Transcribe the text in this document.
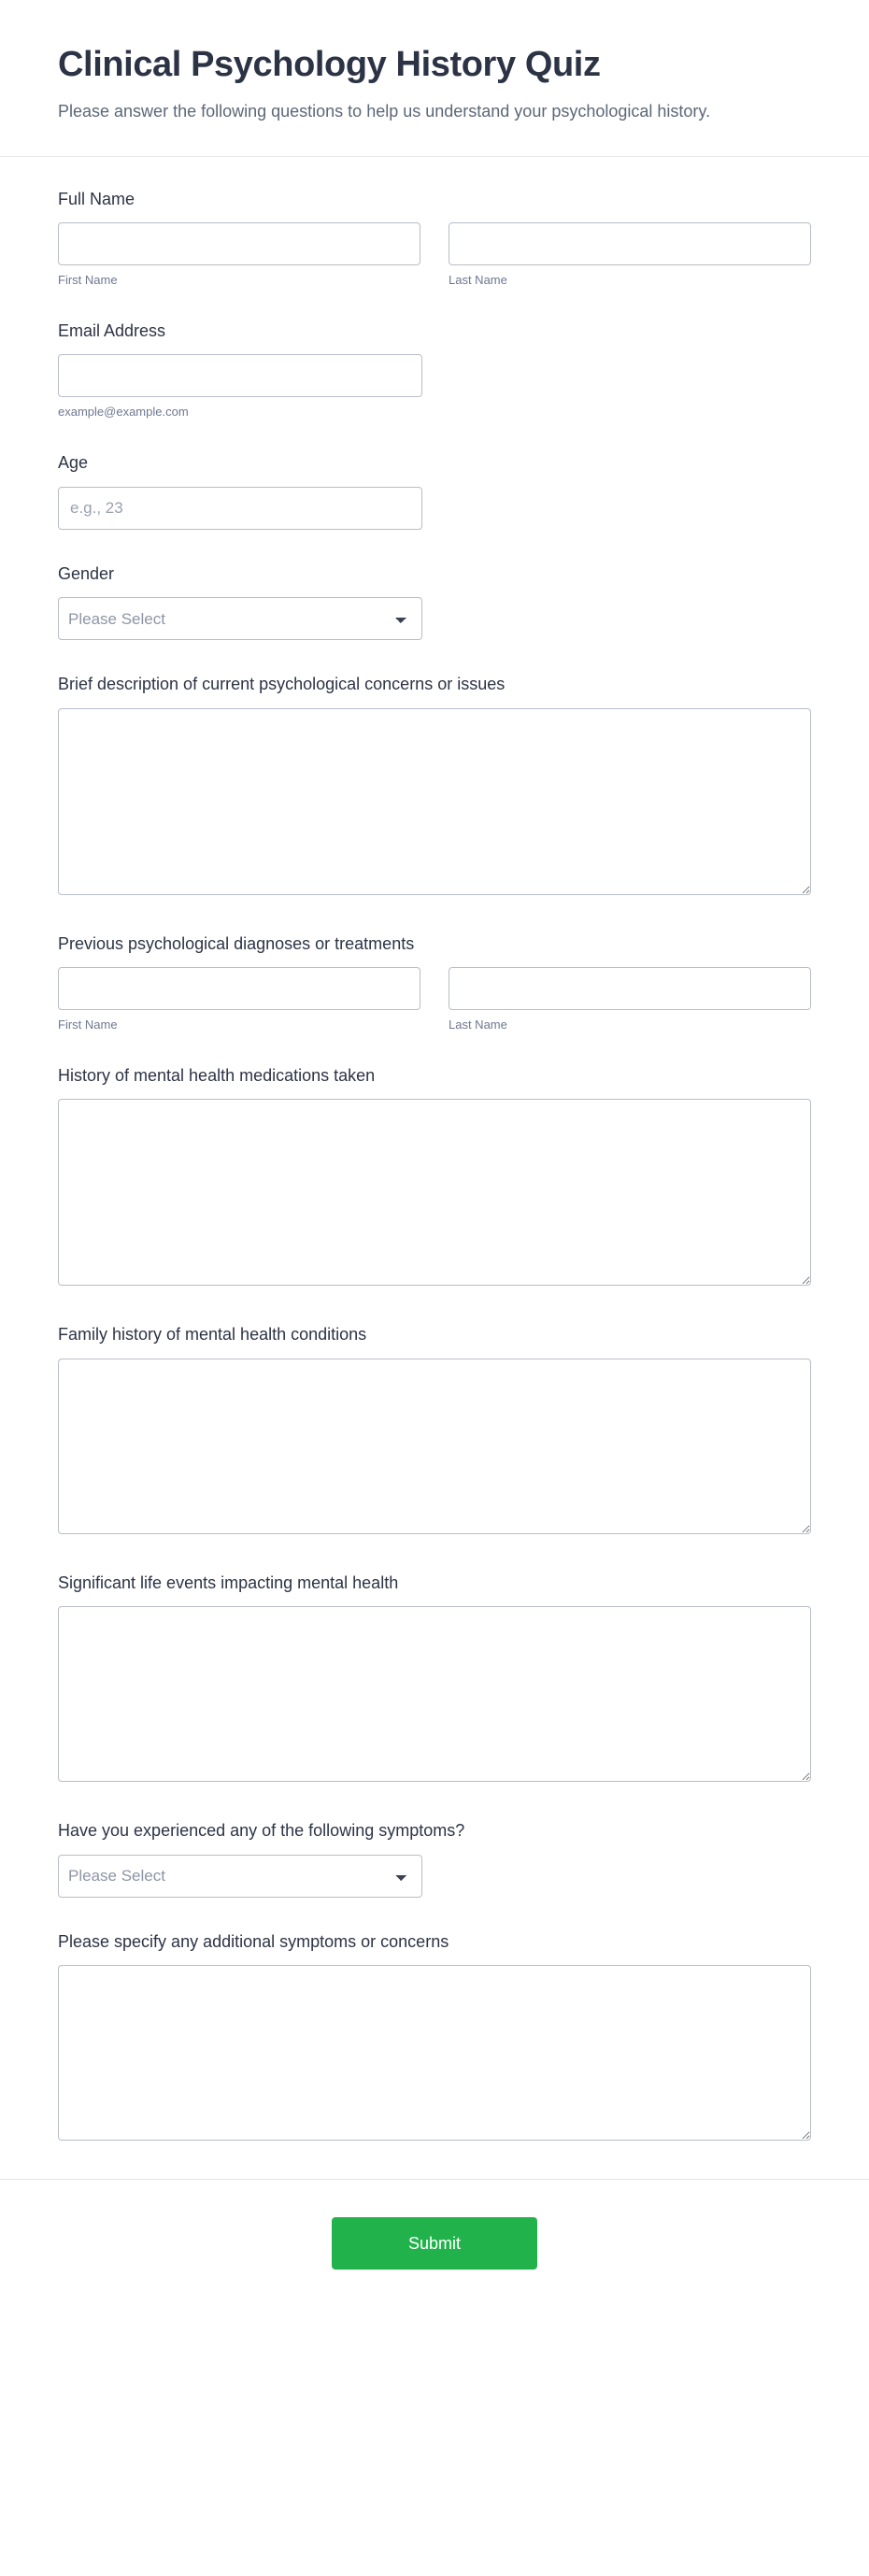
Clinical Psychology History Quiz

Please answer the following questions to help us understand your psychological history.

Full Name
First Name	Last Name
Email Address
example@example.com
Age
e.g., 23
Gender
Please Select
Brief description of current psychological concerns or issues
Previous psychological diagnoses or treatments
First Name	Last Name
History of mental health medications taken
Family history of mental health conditions
Significant life events impacting mental health
Have you experienced any of the following symptoms?
Please Select
Please specify any additional symptoms or concerns
Submit
